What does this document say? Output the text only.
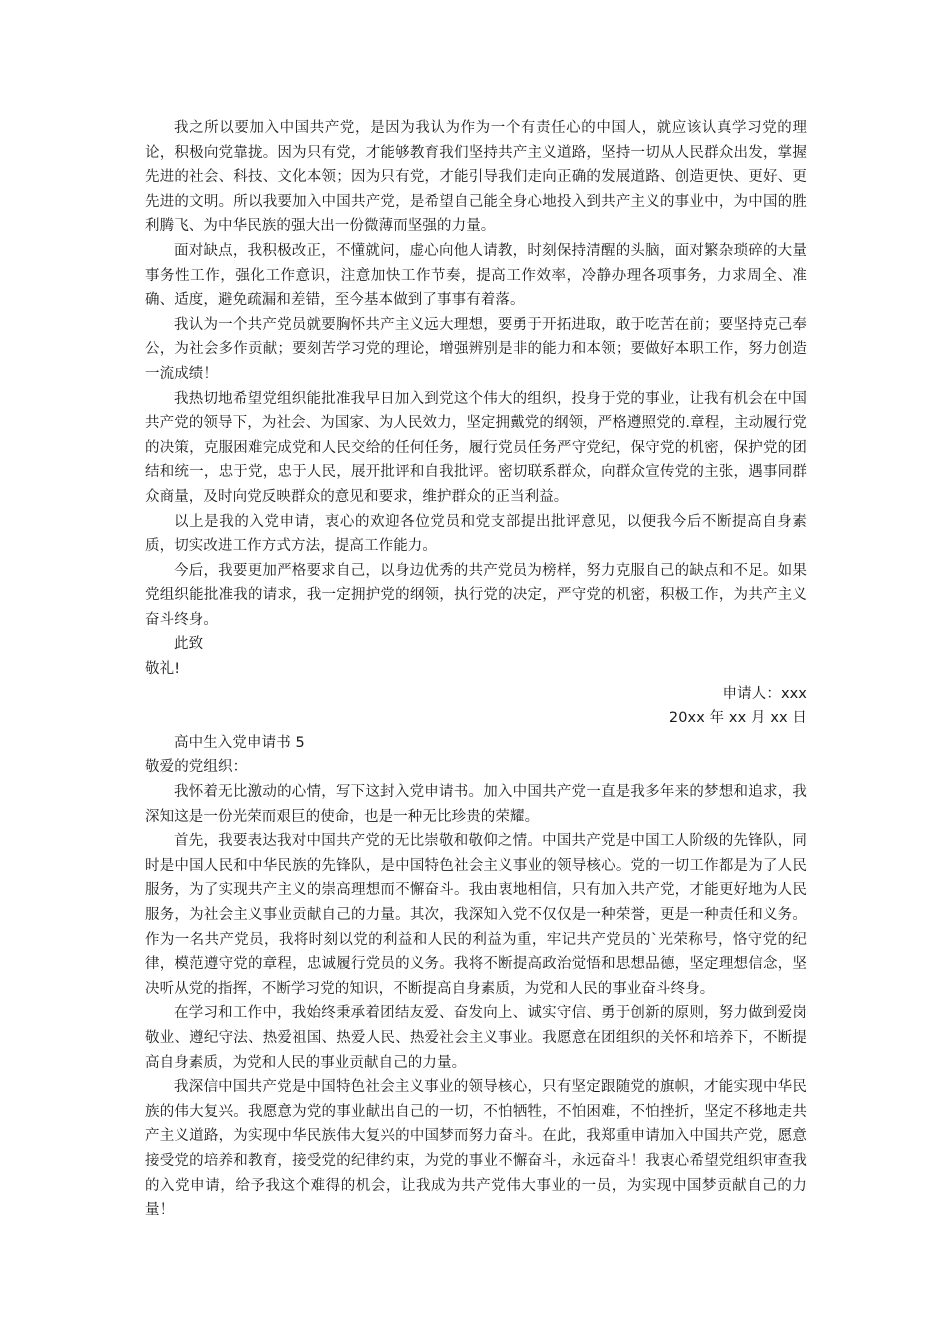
我之所以要加入中国共产党，是因为我认为作为一个有责任心的中国人，就应该认真学习党的理论，积极向党靠拢。因为只有党，才能够教育我们坚持共产主义道路，坚持一切从人民群众出发，掌握先进的社会、科技、文化本领；因为只有党，才能引导我们走向正确的发展道路、创造更快、更好、更先进的文明。所以我要加入中国共产党，是希望自己能全身心地投入到共产主义的事业中，为中国的胜利腾飞、为中华民族的强大出一份微薄而坚强的力量。

面对缺点，我积极改正，不懂就问，虚心向他人请教，时刻保持清醒的头脑，面对繁杂琐碎的大量事务性工作，强化工作意识，注意加快工作节奏，提高工作效率，冷静办理各项事务，力求周全、准确、适度，避免疏漏和差错，至今基本做到了事事有着落。

我认为一个共产党员就要胸怀共产主义远大理想，要勇于开拓进取，敢于吃苦在前；要坚持克己奉公，为社会多作贡献；要刻苦学习党的理论，增强辨别是非的能力和本领；要做好本职工作，努力创造一流成绩！

我热切地希望党组织能批准我早日加入到党这个伟大的组织，投身于党的事业，让我有机会在中国共产党的领导下，为社会、为国家、为人民效力，坚定拥戴党的纲领，严格遵照党的.章程，主动履行党的决策，克服困难完成党和人民交给的任何任务，履行党员任务严守党纪，保守党的机密，保护党的团结和统一，忠于党，忠于人民，展开批评和自我批评。密切联系群众，向群众宣传党的主张，遇事同群众商量，及时向党反映群众的意见和要求，维护群众的正当利益。

以上是我的入党申请，衷心的欢迎各位党员和党支部提出批评意见，以便我今后不断提高自身素质，切实改进工作方式方法，提高工作能力。

今后，我要更加严格要求自己，以身边优秀的共产党员为榜样，努力克服自己的缺点和不足。如果党组织能批准我的请求，我一定拥护党的纲领，执行党的决定，严守党的机密，积极工作，为共产主义奋斗终身。

此致

敬礼!

申请人：xxx

20xx 年 xx 月 xx 日

高中生入党申请书 5

敬爱的党组织：

我怀着无比激动的心情，写下这封入党申请书。加入中国共产党一直是我多年来的梦想和追求，我深知这是一份光荣而艰巨的使命，也是一种无比珍贵的荣耀。

首先，我要表达我对中国共产党的无比崇敬和敬仰之情。中国共产党是中国工人阶级的先锋队，同时是中国人民和中华民族的先锋队，是中国特色社会主义事业的领导核心。党的一切工作都是为了人民服务，为了实现共产主义的崇高理想而不懈奋斗。我由衷地相信，只有加入共产党，才能更好地为人民服务，为社会主义事业贡献自己的力量。其次，我深知入党不仅仅是一种荣誉，更是一种责任和义务。作为一名共产党员，我将时刻以党的利益和人民的利益为重，牢记共产党员的`光荣称号，恪守党的纪律，模范遵守党的章程，忠诚履行党员的义务。我将不断提高政治觉悟和思想品德，坚定理想信念，坚决听从党的指挥，不断学习党的知识，不断提高自身素质，为党和人民的事业奋斗终身。

在学习和工作中，我始终秉承着团结友爱、奋发向上、诚实守信、勇于创新的原则，努力做到爱岗敬业、遵纪守法、热爱祖国、热爱人民、热爱社会主义事业。我愿意在团组织的关怀和培养下，不断提高自身素质，为党和人民的事业贡献自己的力量。

我深信中国共产党是中国特色社会主义事业的领导核心，只有坚定跟随党的旗帜，才能实现中华民族的伟大复兴。我愿意为党的事业献出自己的一切，不怕牺牲，不怕困难，不怕挫折，坚定不移地走共产主义道路，为实现中华民族伟大复兴的中国梦而努力奋斗。在此，我郑重申请加入中国共产党，愿意接受党的培养和教育，接受党的纪律约束，为党的事业不懈奋斗，永远奋斗！我衷心希望党组织审查我的入党申请，给予我这个难得的机会，让我成为共产党伟大事业的一员，为实现中国梦贡献自己的力量！
